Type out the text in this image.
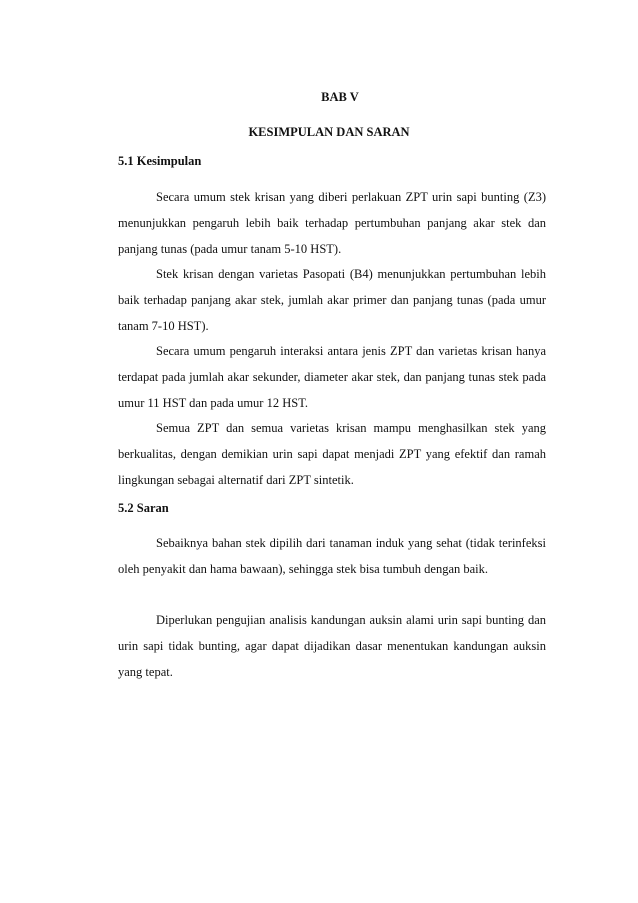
BAB V
KESIMPULAN DAN SARAN
5.1 Kesimpulan

Secara umum stek krisan yang diberi perlakuan ZPT urin sapi bunting (Z3) menunjukkan pengaruh lebih baik terhadap pertumbuhan panjang akar stek dan panjang tunas (pada umur tanam 5-10 HST).

Stek krisan dengan varietas Pasopati (B4) menunjukkan pertumbuhan lebih baik terhadap panjang akar stek, jumlah akar primer dan panjang tunas (pada umur tanam 7-10 HST).

Secara umum pengaruh interaksi antara jenis ZPT dan varietas krisan hanya terdapat pada jumlah akar sekunder, diameter akar stek, dan panjang tunas stek pada umur 11 HST dan pada umur 12 HST.

Semua ZPT dan semua varietas krisan mampu menghasilkan stek yang berkualitas, dengan demikian urin sapi dapat menjadi ZPT yang efektif dan ramah lingkungan sebagai alternatif dari ZPT sintetik.

5.2 Saran

Sebaiknya bahan stek dipilih dari tanaman induk yang sehat (tidak terinfeksi oleh penyakit dan hama bawaan), sehingga stek bisa tumbuh dengan baik.

Diperlukan pengujian analisis kandungan auksin alami urin sapi bunting dan urin sapi tidak bunting, agar dapat dijadikan dasar menentukan kandungan auksin yang tepat.
